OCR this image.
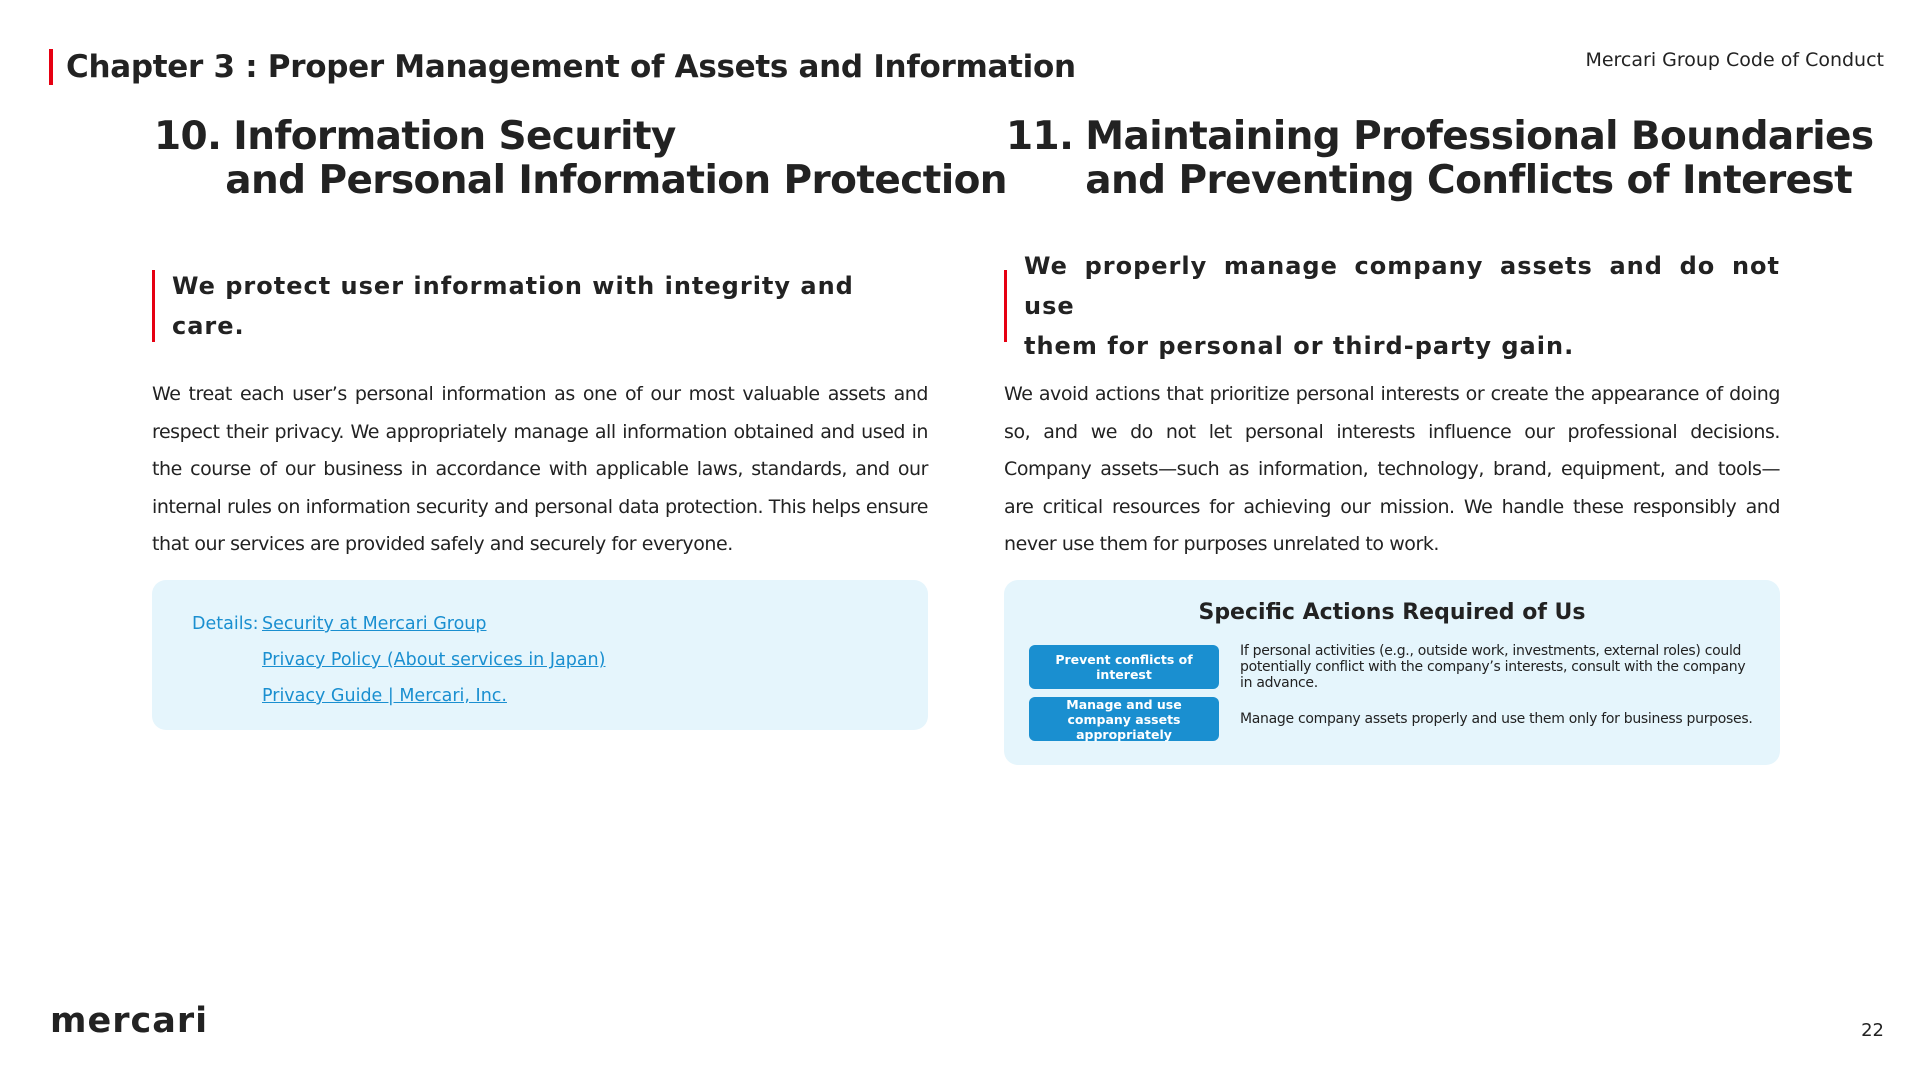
Chapter 3 : Proper Management of Assets and Information	Mercari Group Code of Conduct
10. Information Security
and Personal Information Protection
We protect user information with integrity and care.
We treat each user’s personal information as one of our most valuable assets and respect their privacy. We appropriately manage all information obtained and used in the course of our business in accordance with applicable laws, standards, and our internal rules on information security and personal data protection. This helps ensure that our services are provided safely and securely for everyone.
Details: Security at Mercari Group
Privacy Policy (About services in Japan)
Privacy Guide | Mercari, Inc.
11. Maintaining Professional Boundaries
and Preventing Conflicts of Interest
We properly manage company assets and do not use
them for personal or third-party gain.
We avoid actions that prioritize personal interests or create the appearance of doing so, and we do not let personal interests influence our professional decisions. Company assets—such as information, technology, brand, equipment, and tools—are critical resources for achieving our mission. We handle these responsibly and never use them for purposes unrelated to work.
Specific Actions Required of Us
Prevent conflicts of interest
If personal activities (e.g., outside work, investments, external roles) could potentially conflict with the company’s interests, consult with the company in advance.
Manage and use company assets appropriately
Manage company assets properly and use them only for business purposes.
mercari	22
